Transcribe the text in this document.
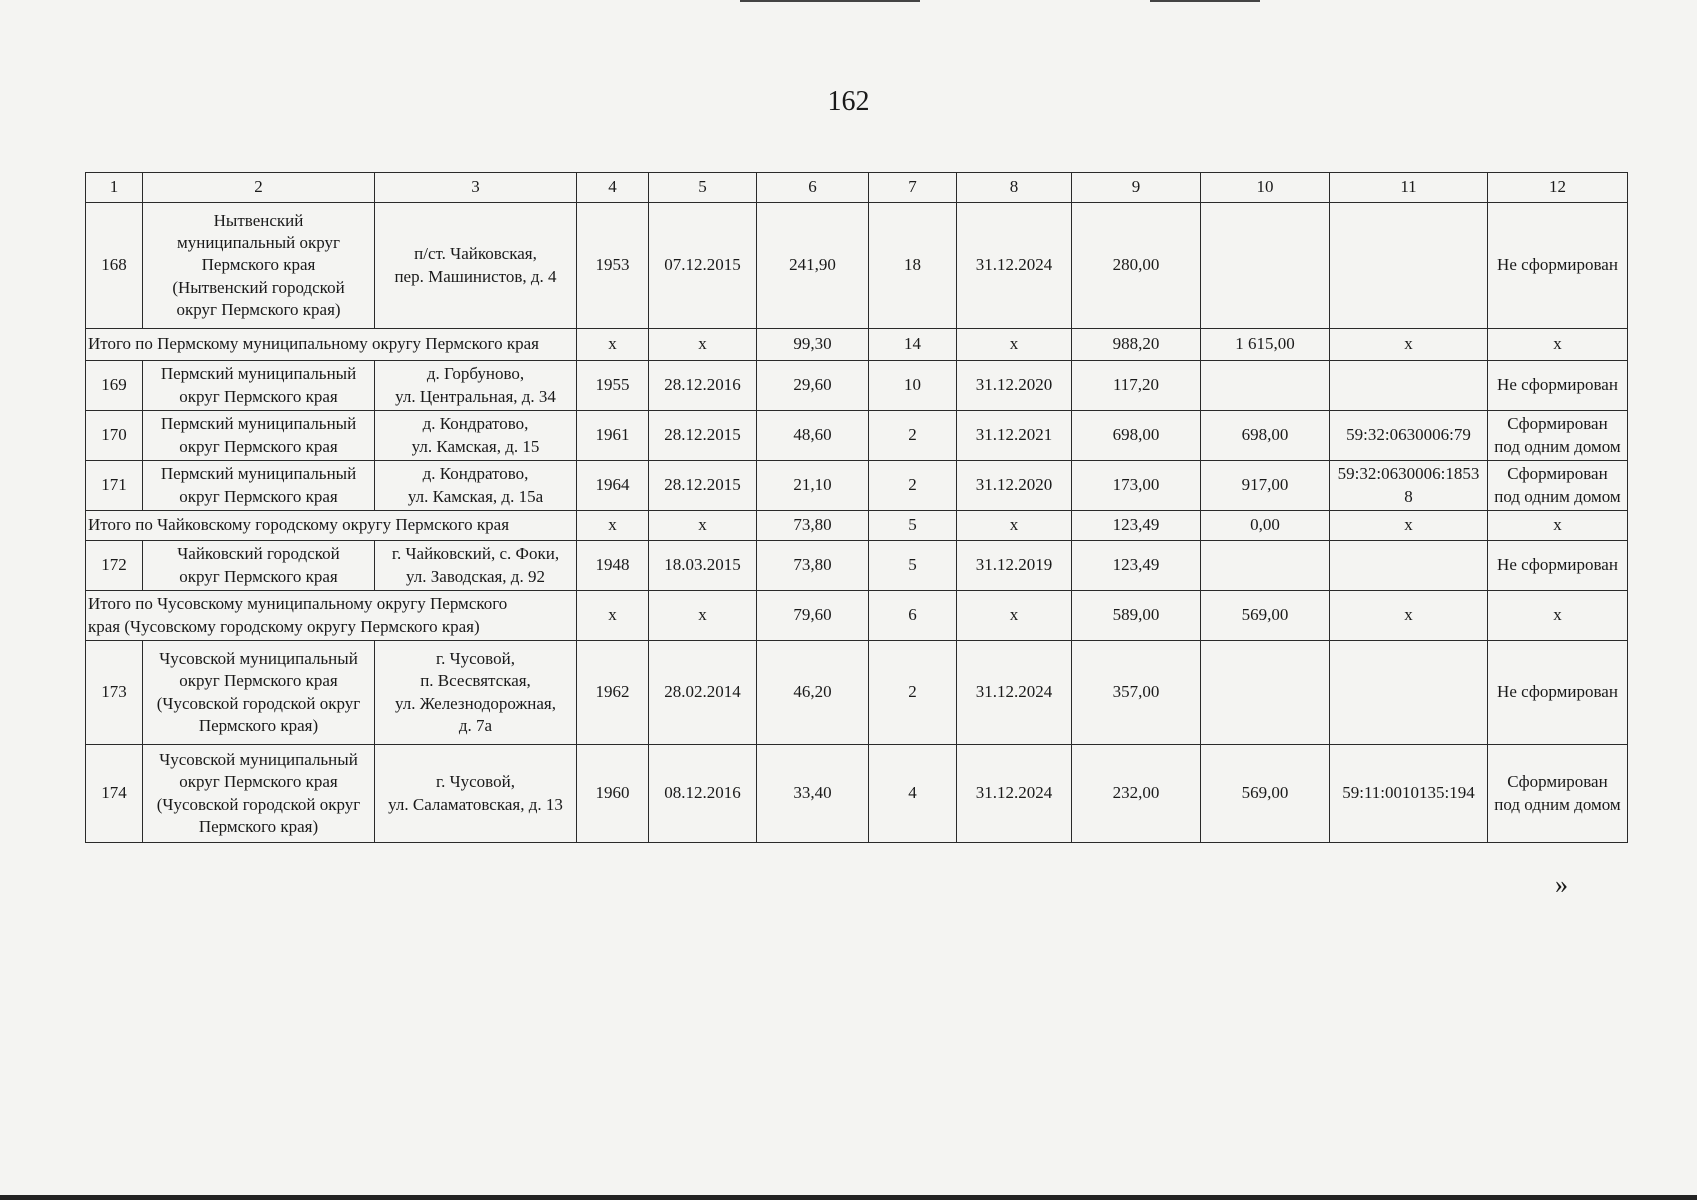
162
1	2	3	4	5	6	7	8	9	10	11	12
168	Нытвенский
муниципальный округ
Пермского края
(Нытвенский городской
округ Пермского края)	п/ст. Чайковская,
пер. Машинистов, д. 4	1953	07.12.2015	241,90	18	31.12.2024	280,00			Не сформирован
Итого по Пермскому муниципальному округу Пермского края			х	х	99,30	14	х	988,20	1 615,00	х	х
169	Пермский муниципальный
округ Пермского края	д. Горбуново,
ул. Центральная, д. 34	1955	28.12.2016	29,60	10	31.12.2020	117,20			Не сформирован
170	Пермский муниципальный
округ Пермского края	д. Кондратово,
ул. Камская, д. 15	1961	28.12.2015	48,60	2	31.12.2021	698,00	698,00	59:32:0630006:79	Сформирован
под одним домом
171	Пермский муниципальный
округ Пермского края	д. Кондратово,
ул. Камская, д. 15а	1964	28.12.2015	21,10	2	31.12.2020	173,00	917,00	59:32:0630006:1853
8	Сформирован
под одним домом
Итого по Чайковскому городскому округу Пермского края			х	х	73,80	5	х	123,49	0,00	х	х
172	Чайковский городской
округ Пермского края	г. Чайковский, с. Фоки,
ул. Заводская, д. 92	1948	18.03.2015	73,80	5	31.12.2019	123,49			Не сформирован
Итого по Чусовскому муниципальному округу Пермского
края (Чусовскому городскому округу Пермского края)			х	х	79,60	6	х	589,00	569,00	х	х
173	Чусовской муниципальный
округ Пермского края
(Чусовской городской округ
Пермского края)	г. Чусовой,
п. Всесвятская,
ул. Железнодорожная,
д. 7а	1962	28.02.2014	46,20	2	31.12.2024	357,00			Не сформирован
174	Чусовской муниципальный
округ Пермского края
(Чусовской городской округ
Пермского края)	г. Чусовой,
ул. Саламатовская, д. 13	1960	08.12.2016	33,40	4	31.12.2024	232,00	569,00	59:11:0010135:194	Сформирован
под одним домом
»
